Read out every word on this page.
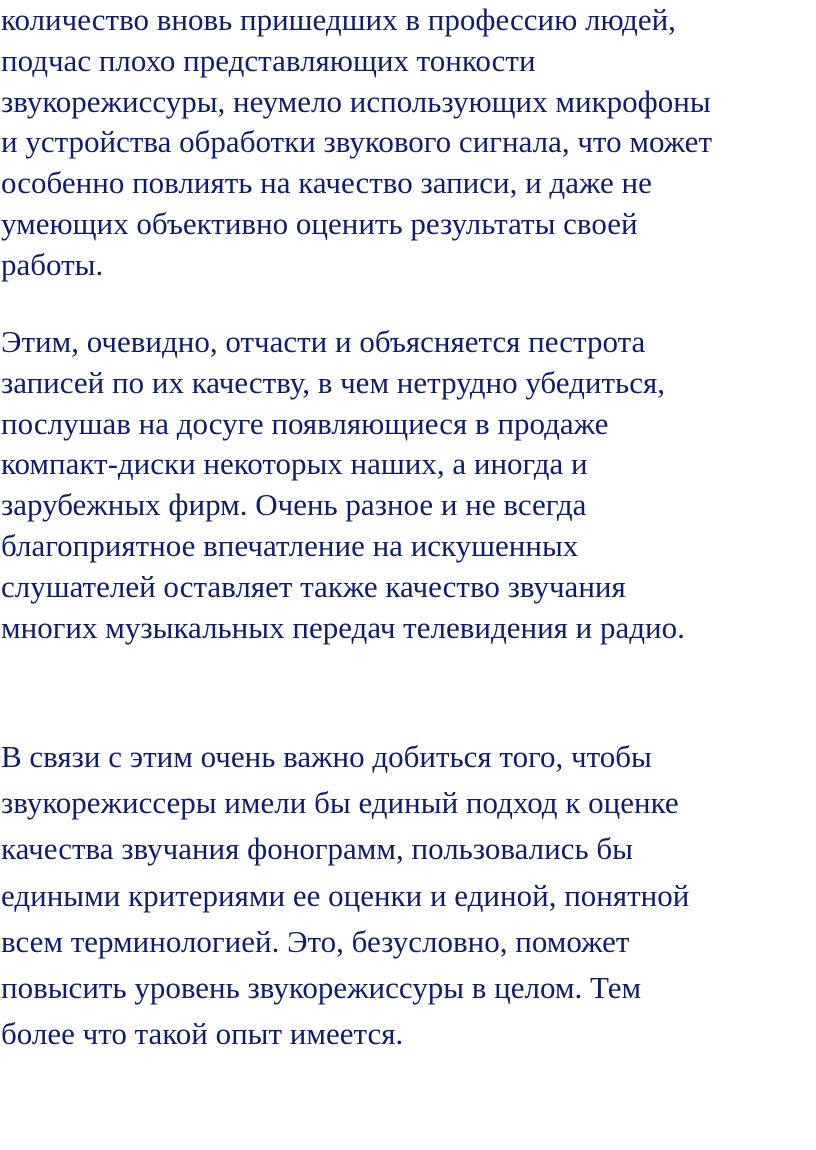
количество вновь пришедших в профессию людей,
подчас плохо представляющих тонкости
звукорежиссуры, неумело использующих микрофоны
и устройства обработки звукового сигнала, что может
особенно повлиять на качество записи, и даже не
умеющих объективно оценить результаты своей
работы.

Этим, очевидно, отчасти и объясняется пестрота
записей по их качеству, в чем нетрудно убедиться,
послушав на досуге появляющиеся в продаже
компакт-диски некоторых наших, а иногда и
зарубежных фирм. Очень разное и не всегда
благоприятное впечатление на искушенных
слушателей оставляет также качество звучания
многих музыкальных передач телевидения и радио.

В связи с этим очень важно добиться того, чтобы
звукорежиссеры имели бы единый подход к оценке
качества звучания фонограмм, пользовались бы
едиными критериями ее оценки и единой, понятной
всем терминологией. Это, безусловно, поможет
повысить уровень звукорежиссуры в целом. Тем
более что такой опыт имеется.
